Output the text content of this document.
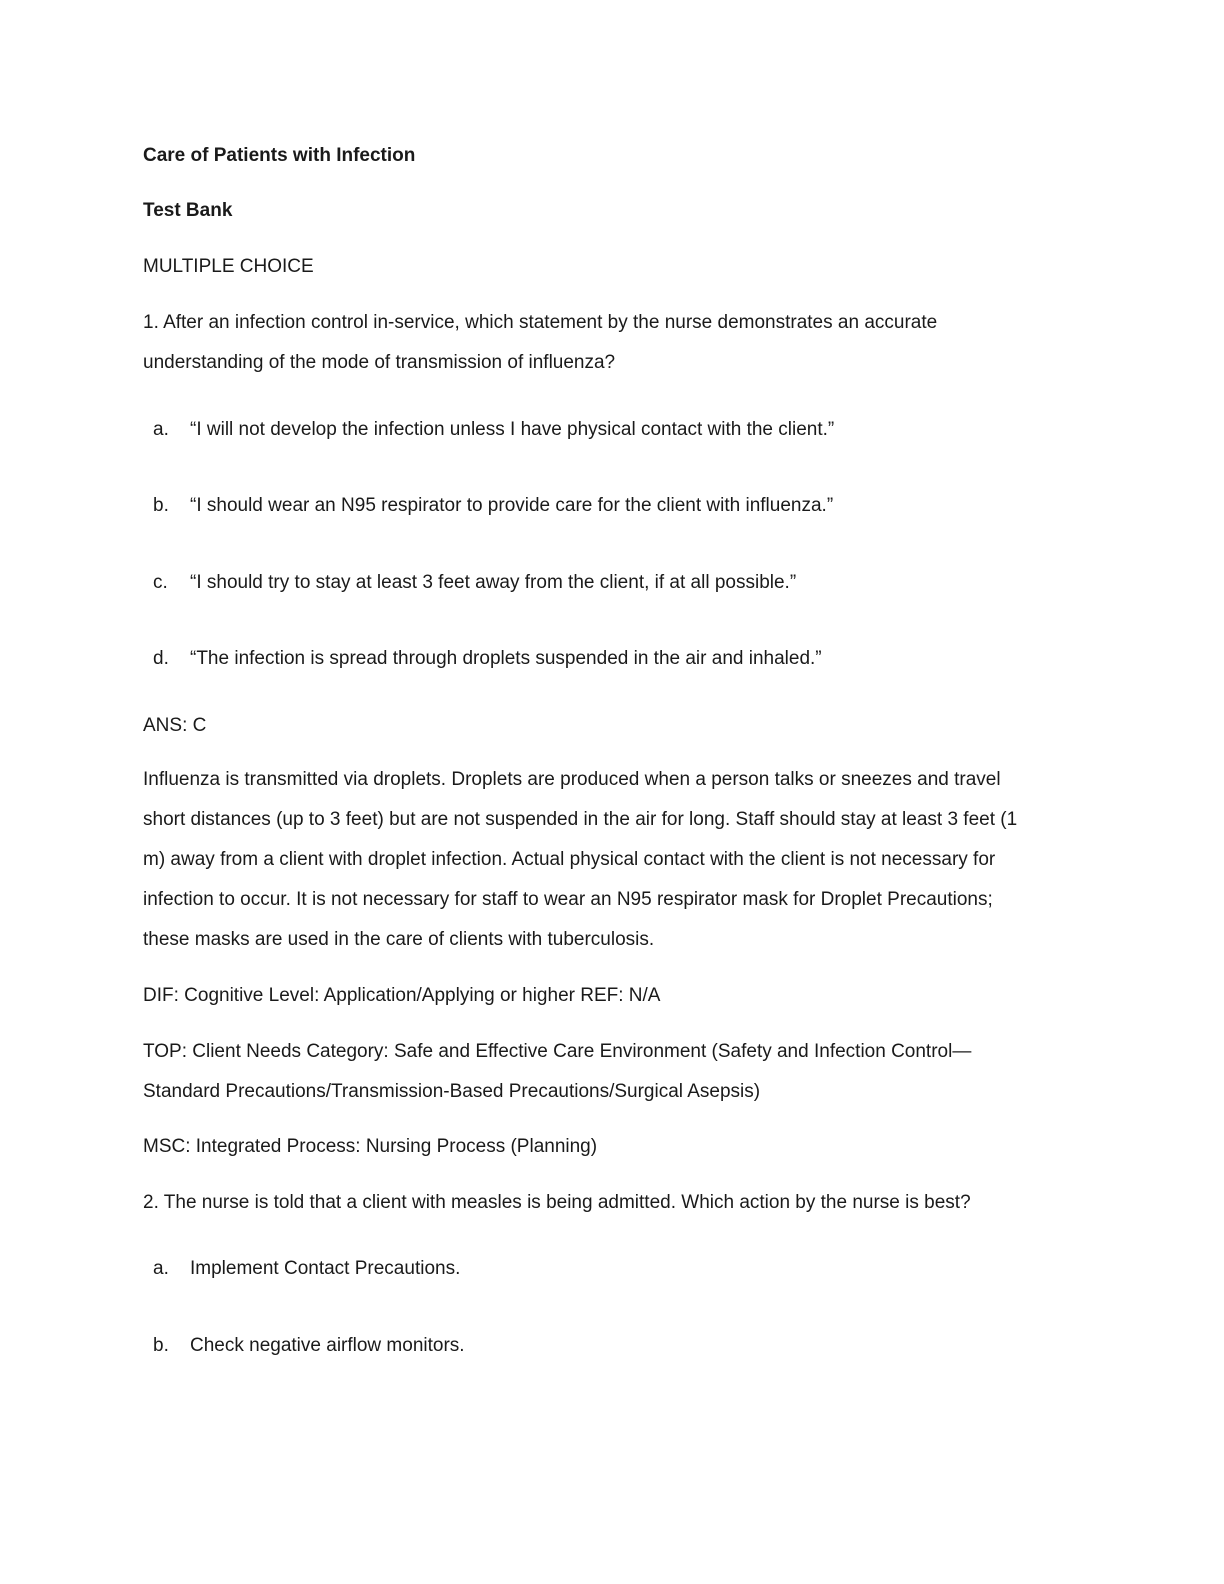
Care of Patients with Infection

Test Bank

MULTIPLE CHOICE

1. After an infection control in-service, which statement by the nurse demonstrates an accurate
understanding of the mode of transmission of influenza?
a. “I will not develop the infection unless I have physical contact with the client.”
b. “I should wear an N95 respirator to provide care for the client with influenza.”
c. “I should try to stay at least 3 feet away from the client, if at all possible.”
d. “The infection is spread through droplets suspended in the air and inhaled.”

ANS: C

Influenza is transmitted via droplets. Droplets are produced when a person talks or sneezes and travel
short distances (up to 3 feet) but are not suspended in the air for long. Staff should stay at least 3 feet (1
m) away from a client with droplet infection. Actual physical contact with the client is not necessary for
infection to occur. It is not necessary for staff to wear an N95 respirator mask for Droplet Precautions;
these masks are used in the care of clients with tuberculosis.

DIF: Cognitive Level: Application/Applying or higher REF: N/A

TOP: Client Needs Category: Safe and Effective Care Environment (Safety and Infection Control—
Standard Precautions/Transmission-Based Precautions/Surgical Asepsis)

MSC: Integrated Process: Nursing Process (Planning)

2. The nurse is told that a client with measles is being admitted. Which action by the nurse is best?

a. Implement Contact Precautions.
b. Check negative airflow monitors.
